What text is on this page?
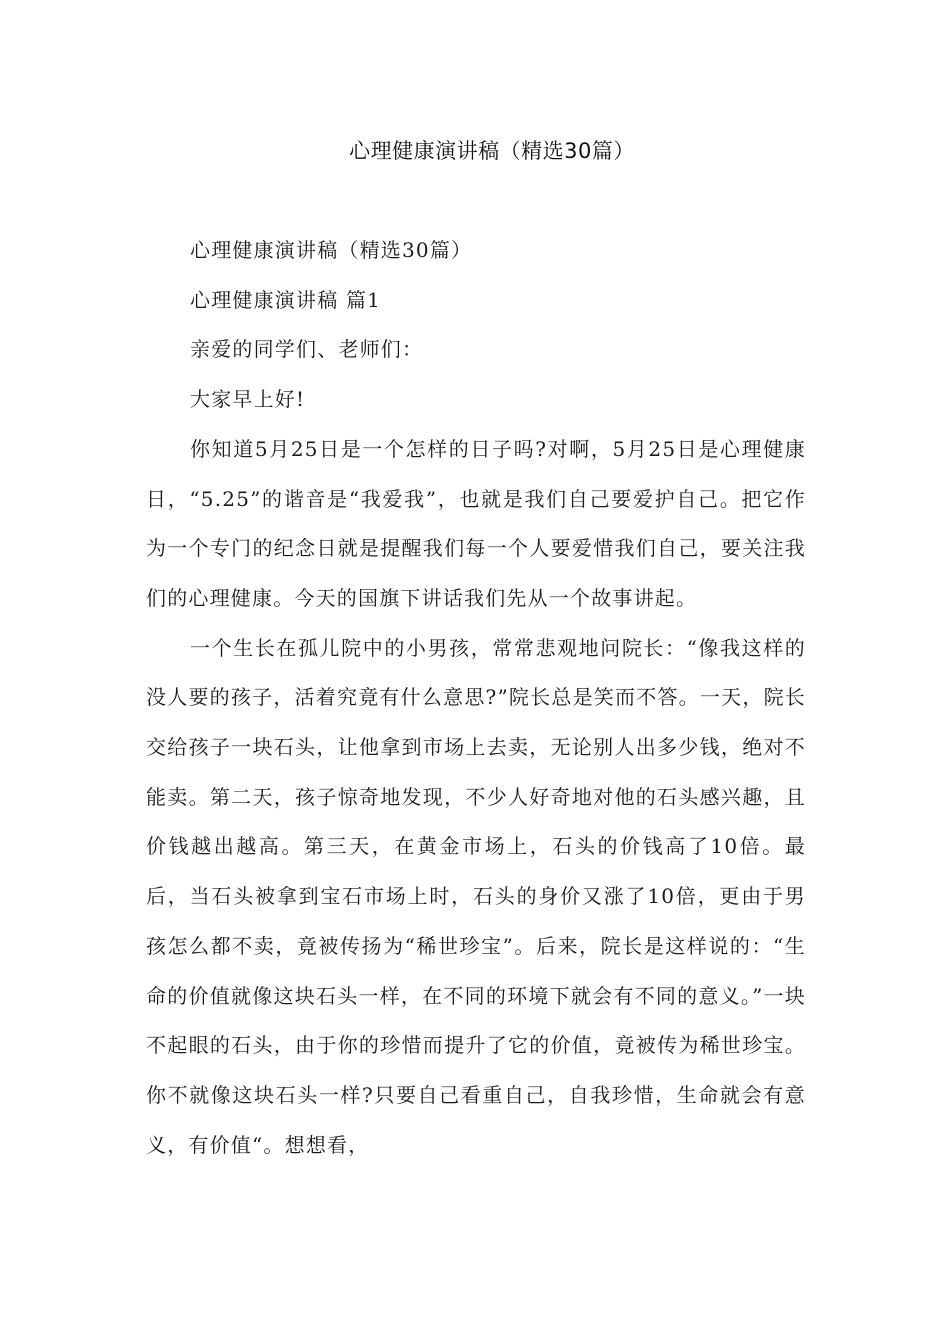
心理健康演讲稿（精选30篇）

心理健康演讲稿（精选30篇）

心理健康演讲稿 篇1

亲爱的同学们、老师们：

大家早上好!

你知道5月25日是一个怎样的日子吗?对啊，5月25日是心理健康日，“5.25”的谐音是“我爱我”，也就是我们自己要爱护自己。把它作为一个专门的纪念日就是提醒我们每一个人要爱惜我们自己，要关注我们的心理健康。今天的国旗下讲话我们先从一个故事讲起。

一个生长在孤儿院中的小男孩，常常悲观地问院长：“像我这样的没人要的孩子，活着究竟有什么意思?”院长总是笑而不答。一天，院长交给孩子一块石头，让他拿到市场上去卖，无论别人出多少钱，绝对不能卖。第二天，孩子惊奇地发现，不少人好奇地对他的石头感兴趣，且价钱越出越高。第三天，在黄金市场上，石头的价钱高了10倍。最后，当石头被拿到宝石市场上时，石头的身价又涨了10倍，更由于男孩怎么都不卖，竟被传扬为“稀世珍宝”。后来，院长是这样说的：“生命的价值就像这块石头一样，在不同的环境下就会有不同的意义。”一块不起眼的石头，由于你的珍惜而提升了它的价值，竟被传为稀世珍宝。你不就像这块石头一样?只要自己看重自己，自我珍惜，生命就会有意义，有价值“。想想看，
